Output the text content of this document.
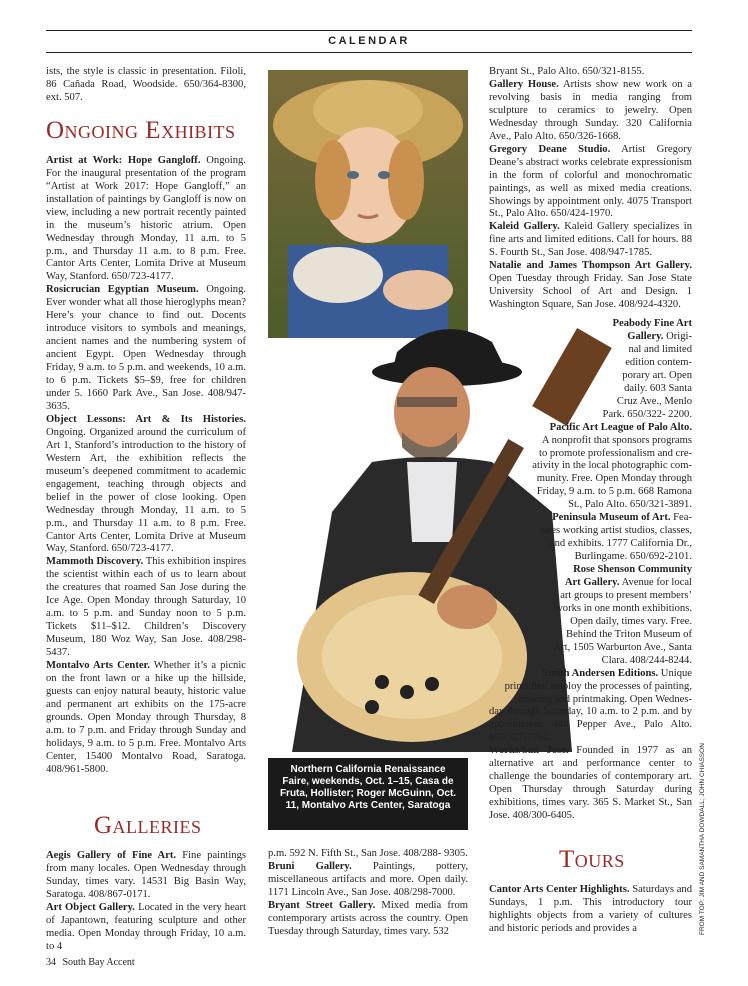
CALENDAR

ists, the style is classic in presentation. Filoli, 86 Cañada Road, Woodside. 650/364-8300, ext. 507.

Ongoing Exhibits

Artist at Work: Hope Gangloff. Ongoing. For the inaugural presentation of the program “Artist at Work 2017: Hope Gangloff,” an installation of paintings by Gangloff is now on view, including a new portrait recently painted in the museum’s historic atrium. Open Wednesday through Monday, 11 a.m. to 5 p.m., and Thursday 11 a.m. to 8 p.m. Free. Cantor Arts Center, Lomita Drive at Museum Way, Stanford. 650/723-4177.

Rosicrucian Egyptian Museum. Ongoing. Ever wonder what all those hieroglyphs mean? Here’s your chance to find out. Docents introduce visitors to symbols and meanings, ancient names and the numbering system of ancient Egypt. Open Wednesday through Friday, 9 a.m. to 5 p.m. and weekends, 10 a.m. to 6 p.m. Tickets $5–$9, free for children under 5. 1660 Park Ave., San Jose. 408/947-3635.

Object Lessons: Art & Its Histories. Ongoing. Organized around the curriculum of Art 1, Stanford’s introduction to the history of Western Art, the exhibition reflects the museum’s deepened commitment to academic engagement, teaching through objects and belief in the power of close looking. Open Wednesday through Monday, 11 a.m. to 5 p.m., and Thursday 11 a.m. to 8 p.m. Free. Cantor Arts Center, Lomita Drive at Museum Way, Stanford. 650/723-4177.

Mammoth Discovery. This exhibition inspires the scientist within each of us to learn about the creatures that roamed San Jose during the Ice Age. Open Monday through Saturday, 10 a.m. to 5 p.m. and Sunday noon to 5 p.m. Tickets $11–$12. Children’s Discovery Museum, 180 Woz Way, San Jose. 408/298-5437.

Montalvo Arts Center. Whether it’s a picnic on the front lawn or a hike up the hillside, guests can enjoy natural beauty, historic value and permanent art exhibits on the 175-acre grounds. Open Monday through Thursday, 8 a.m. to 7 p.m. and Friday through Sunday and holidays, 9 a.m. to 5 p.m. Free. Montalvo Arts Center, 15400 Montalvo Road, Saratoga. 408/961-5800.

Galleries

Aegis Gallery of Fine Art. Fine paintings from many locales. Open Wednesday through Sunday, times vary. 14531 Big Basin Way, Saratoga. 408/867-0171.

Art Object Gallery. Located in the very heart of Japantown, featuring sculpture and other media. Open Monday through Friday, 10 a.m. to 4

Northern California Renaissance Faire, weekends, Oct. 1–15, Casa de Fruta, Hollister; Roger McGuinn, Oct. 11, Montalvo Arts Center, Saratoga

p.m. 592 N. Fifth St., San Jose. 408/288- 9305.

Bruni Gallery. Paintings, pottery, miscellaneous artifacts and more. Open daily. 1171 Lincoln Ave., San Jose. 408/298-7000.

Bryant Street Gallery. Mixed media from contemporary artists across the country. Open Tuesday through Saturday, times vary. 532

Bryant St., Palo Alto. 650/321-8155.

Gallery House. Artists show new work on a revolving basis in media ranging from sculpture to ceramics to jewelry. Open Wednesday through Sunday. 320 California Ave., Palo Alto. 650/326-1668.

Gregory Deane Studio. Artist Gregory Deane’s abstract works celebrate expressionism in the form of colorful and monochromatic paintings, as well as mixed media creations. Showings by appointment only. 4075 Transport St., Palo Alto. 650/424-1970.

Kaleid Gallery. Kaleid Gallery specializes in fine arts and limited editions. Call for hours. 88 S. Fourth St., San Jose. 408/947-1785.

Natalie and James Thompson Art Gallery. Open Tuesday through Friday. San Jose State University School of Art and Design. 1 Washington Square, San Jose. 408/924-4320.

Peabody Fine Art

Gallery. Origi-

nal and limited

edition contem-

porary art. Open

daily. 603 Santa

Cruz Ave., Menlo

Park. 650/322- 2200.

Pacific Art League of Palo Alto.

A nonprofit that sponsors programs

to promote professionalism and cre-

ativity in the local photographic com-

munity. Free. Open Monday through

Friday, 9 a.m. to 5 p.m. 668 Ramona

St., Palo Alto. 650/321-3891.

Peninsula Museum of Art. Fea-

tures working artist studios, classes,

and exhibits. 1777 California Dr.,

Burlingame. 650/692-2101.

Rose Shenson Community

Art Gallery. Avenue for local

art groups to present members’

works in one month exhibitions.

Open daily, times vary. Free.

Behind the Triton Museum of

Art, 1505 Warburton Ave., Santa

Clara. 408/244-8244.

Smith Andersen Editions. Unique

prints that employ the processes of painting,

drawing and printmaking. Open Wednes-

day through Saturday, 10 a.m. to 2 p.m. and by appointment. 440 Pepper Ave., Palo Alto. 650/327-7762.

Works/San Jose. Founded in 1977 as an alternative art and performance center to challenge the boundaries of contemporary art. Open Thursday through Saturday during exhibitions, times vary. 365 S. Market St., San Jose. 408/300-6405.

Tours

Cantor Arts Center Highlights. Saturdays and Sundays, 1 p.m. This introductory tour highlights objects from a variety of cultures and historic periods and provides a	FROM TOP: JIM AND SAMANTHA DOWDALL; JOHN CHIASSON
34 South Bay Accent
